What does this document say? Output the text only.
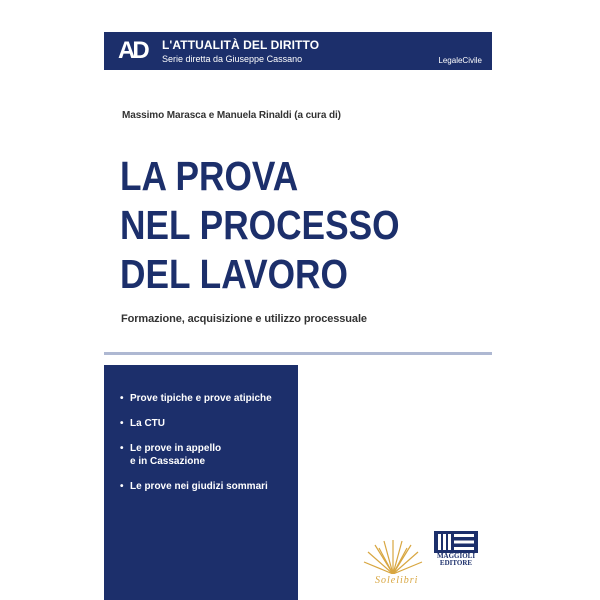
AD L'ATTUALITÀ DEL DIRITTO
Serie diretta da Giuseppe Cassano	LegaleCivile
Massimo Marasca e Manuela Rinaldi (a cura di)
LA PROVA
NEL PROCESSO
DEL LAVORO
Formazione, acquisizione e utilizzo processuale
• Prove tipiche e prove atipiche
• La CTU
• Le prove in appello
e in Cassazione
• Le prove nei giudizi sommari
MAGGIOLI
EDITORE
Solelibri
